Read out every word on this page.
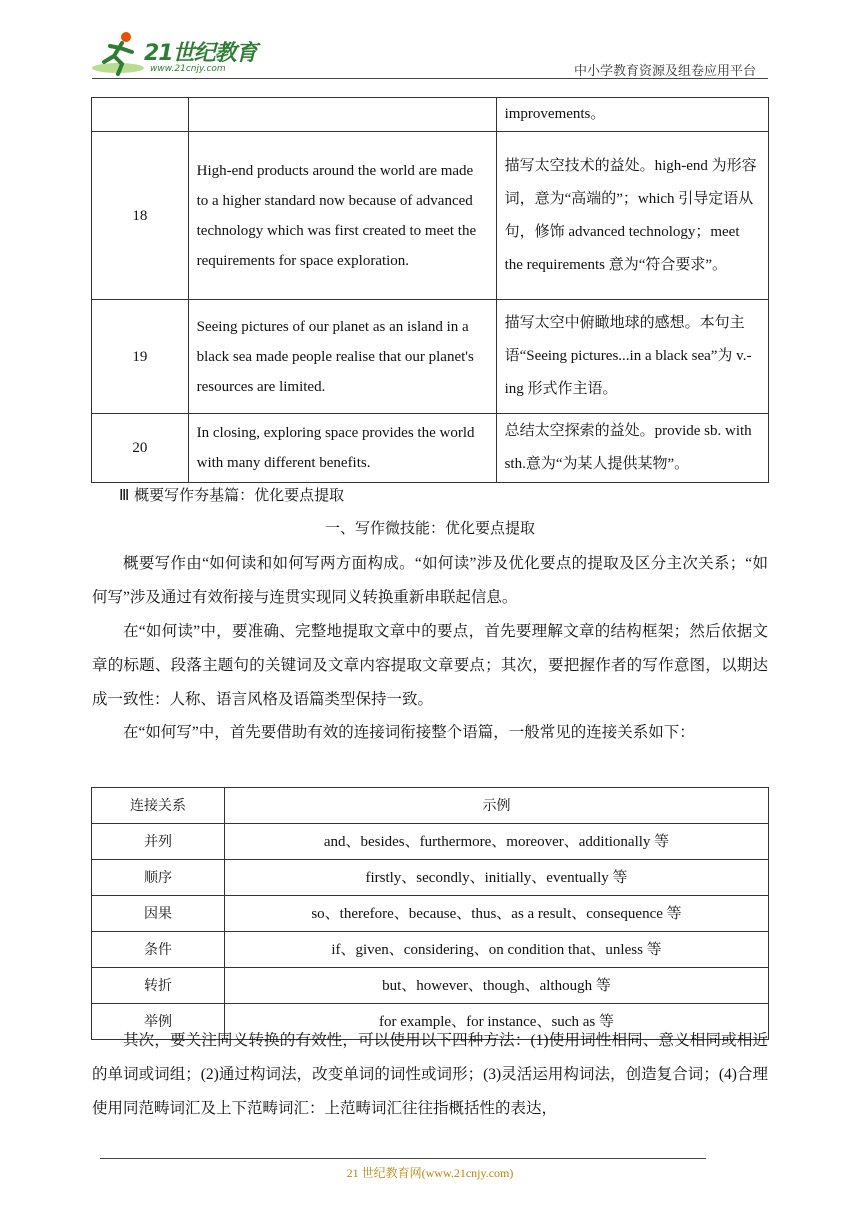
21世纪教育
www.21cnjy.com	中小学教育资源及组卷应用平台
		improvements。
18	High-end products around the world are made to a higher standard now because of advanced technology which was first created to meet the requirements for space exploration.	描写太空技术的益处。high-end 为形容词，意为“高端的”；which 引导定语从句，修饰 advanced technology；meet the requirements 意为“符合要求”。
19	Seeing pictures of our planet as an island in a black sea made people realise that our planet's resources are limited.	描写太空中俯瞰地球的感想。本句主语“Seeing pictures...in a black sea”为 v.-ing 形式作主语。
20	In closing, exploring space provides the world with many different benefits.	总结太空探索的益处。provide sb. with sth.意为“为某人提供某物”。
Ⅲ 概要写作夯基篇：优化要点提取
一、写作微技能：优化要点提取
概要写作由“如何读和如何写两方面构成。“如何读”涉及优化要点的提取及区分主次关系；“如何写”涉及通过有效衔接与连贯实现同义转换重新串联起信息。
在“如何读”中，要准确、完整地提取文章中的要点，首先要理解文章的结构框架；然后依据文章的标题、段落主题句的关键词及文章内容提取文章要点；其次，要把握作者的写作意图，以期达成一致性：人称、语言风格及语篇类型保持一致。
在“如何写”中，首先要借助有效的连接词衔接整个语篇，一般常见的连接关系如下：
连接关系	示例
并列	and、besides、furthermore、moreover、additionally 等
顺序	firstly、secondly、initially、eventually 等
因果	so、therefore、because、thus、as a result、consequence 等
条件	if、given、considering、on condition that、unless 等
转折	but、however、though、although 等
举例	for example、for instance、such as 等
其次，要关注同义转换的有效性，可以使用以下四种方法：(1)使用词性相同、意义相同或相近的单词或词组；(2)通过构词法，改变单词的词性或词形；(3)灵活运用构词法，创造复合词；(4)合理使用同范畴词汇及上下范畴词汇：上范畴词汇往往指概括性的表达，
21 世纪教育网(www.21cnjy.com)
